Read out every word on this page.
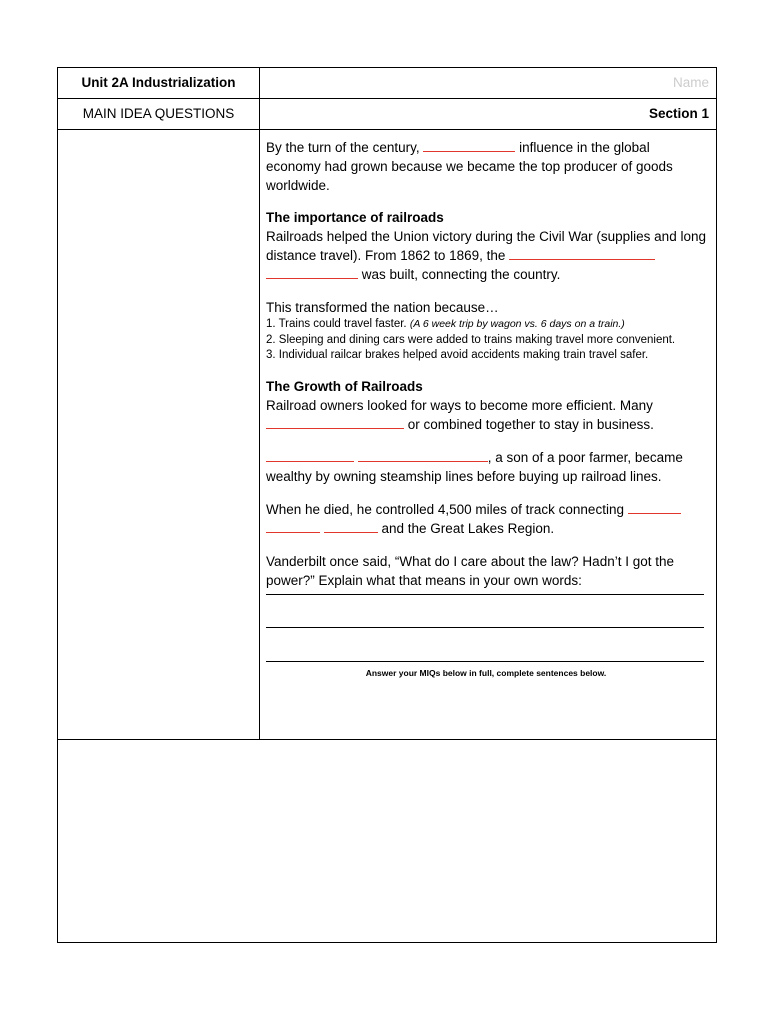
Unit 2A Industrialization	Name
MAIN IDEA QUESTIONS	Section 1

By the turn of the century,	influence in the global economy had grown because we became the top producer of goods worldwide.

The importance of railroads

Railroads helped the Union victory during the Civil War (supplies and long distance travel). From 1862 to 1869, the
was built, connecting the country.

This transformed the nation because…

1. Trains could travel faster. (A 6 week trip by wagon vs. 6 days on a train.)
2. Sleeping and dining cars were added to trains making travel more convenient.
3. Individual railcar brakes helped avoid accidents making train travel safer.
The Growth of Railroads

Railroad owners looked for ways to become more efficient. Many
or combined together to stay in business.

, a son of a poor farmer, became wealthy by owning steamship lines before buying up railroad lines.

When he died, he controlled 4,500 miles of track connecting
and the Great Lakes Region.

Vanderbilt once said, “What do I care about the law? Hadn’t I got the power?” Explain what that means in your own words:

Answer your MIQs below in full, complete sentences below.
